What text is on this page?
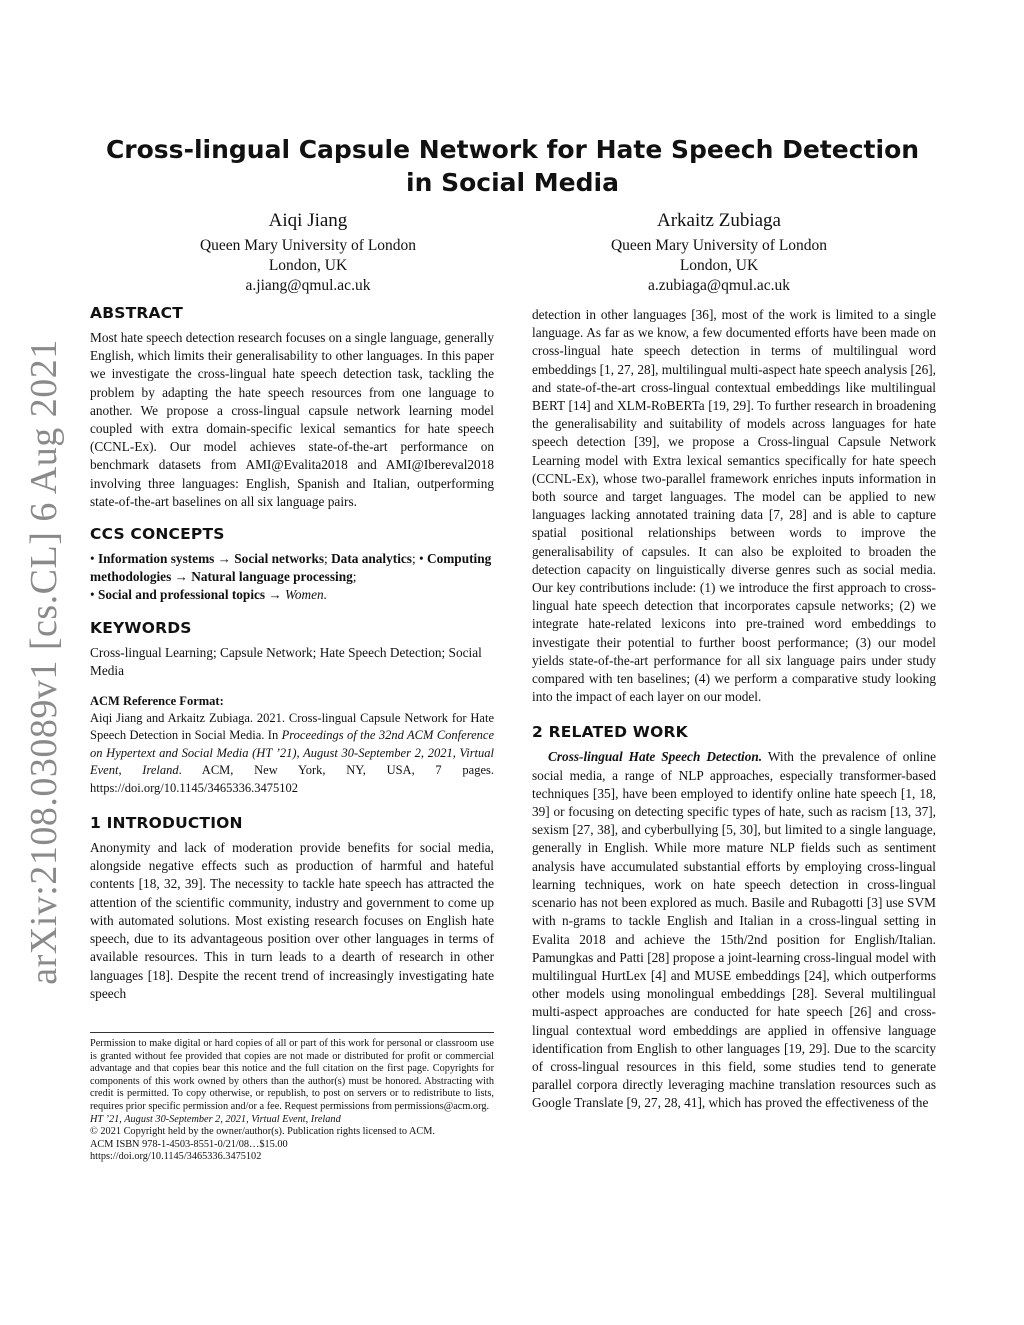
arXiv:2108.03089v1 [cs.CL] 6 Aug 2021
Cross-lingual Capsule Network for Hate Speech Detection in Social Media
Aiqi Jiang
Queen Mary University of London
London, UK
a.jiang@qmul.ac.uk
Arkaitz Zubiaga
Queen Mary University of London
London, UK
a.zubiaga@qmul.ac.uk
ABSTRACT

Most hate speech detection research focuses on a single language, generally English, which limits their generalisability to other languages. In this paper we investigate the cross-lingual hate speech detection task, tackling the problem by adapting the hate speech resources from one language to another. We propose a cross-lingual capsule network learning model coupled with extra domain-specific lexical semantics for hate speech (CCNL-Ex). Our model achieves state-of-the-art performance on benchmark datasets from AMI@Evalita2018 and AMI@Ibereval2018 involving three languages: English, Spanish and Italian, outperforming state-of-the-art baselines on all six language pairs.

CCS CONCEPTS

• Information systems → Social networks; Data analytics; • Computing methodologies → Natural language processing;
• Social and professional topics → Women.

KEYWORDS

Cross-lingual Learning; Capsule Network; Hate Speech Detection; Social Media

ACM Reference Format:

Aiqi Jiang and Arkaitz Zubiaga. 2021. Cross-lingual Capsule Network for Hate Speech Detection in Social Media. In Proceedings of the 32nd ACM Conference on Hypertext and Social Media (HT ’21), August 30-September 2, 2021, Virtual Event, Ireland. ACM, New York, NY, USA, 7 pages. https://doi.org/10.1145/3465336.3475102

1 INTRODUCTION

Anonymity and lack of moderation provide benefits for social media, alongside negative effects such as production of harmful and hateful contents [18, 32, 39]. The necessity to tackle hate speech has attracted the attention of the scientific community, industry and government to come up with automated solutions. Most existing research focuses on English hate speech, due to its advantageous position over other languages in terms of available resources. This in turn leads to a dearth of research in other languages [18]. Despite the recent trend of increasingly investigating hate speech

Permission to make digital or hard copies of all or part of this work for personal or classroom use is granted without fee provided that copies are not made or distributed for profit or commercial advantage and that copies bear this notice and the full citation on the first page. Copyrights for components of this work owned by others than the author(s) must be honored. Abstracting with credit is permitted. To copy otherwise, or republish, to post on servers or to redistribute to lists, requires prior specific permission and/or a fee. Request permissions from permissions@acm.org.

HT ’21, August 30-September 2, 2021, Virtual Event, Ireland

© 2021 Copyright held by the owner/author(s). Publication rights licensed to ACM.

ACM ISBN 978-1-4503-8551-0/21/08…$15.00

https://doi.org/10.1145/3465336.3475102

detection in other languages [36], most of the work is limited to a single language. As far as we know, a few documented efforts have been made on cross-lingual hate speech detection in terms of multilingual word embeddings [1, 27, 28], multilingual multi-aspect hate speech analysis [26], and state-of-the-art cross-lingual contextual embeddings like multilingual BERT [14] and XLM-RoBERTa [19, 29]. To further research in broadening the generalisability and suitability of models across languages for hate speech detection [39], we propose a Cross-lingual Capsule Network Learning model with Extra lexical semantics specifically for hate speech (CCNL-Ex), whose two-parallel framework enriches inputs information in both source and target languages. The model can be applied to new languages lacking annotated training data [7, 28] and is able to capture spatial positional relationships between words to improve the generalisability of capsules. It can also be exploited to broaden the detection capacity on linguistically diverse genres such as social media. Our key contributions include: (1) we introduce the first approach to cross-lingual hate speech detection that incorporates capsule networks; (2) we integrate hate-related lexicons into pre-trained word embeddings to investigate their potential to further boost performance; (3) our model yields state-of-the-art performance for all six language pairs under study compared with ten baselines; (4) we perform a comparative study looking into the impact of each layer on our model.

2 RELATED WORK

Cross-lingual Hate Speech Detection. With the prevalence of online social media, a range of NLP approaches, especially transformer-based techniques [35], have been employed to identify online hate speech [1, 18, 39] or focusing on detecting specific types of hate, such as racism [13, 37], sexism [27, 38], and cyberbullying [5, 30], but limited to a single language, generally in English. While more mature NLP fields such as sentiment analysis have accumulated substantial efforts by employing cross-lingual learning techniques, work on hate speech detection in cross-lingual scenario has not been explored as much. Basile and Rubagotti [3] use SVM with n-grams to tackle English and Italian in a cross-lingual setting in Evalita 2018 and achieve the 15th/2nd position for English/Italian. Pamungkas and Patti [28] propose a joint-learning cross-lingual model with multilingual HurtLex [4] and MUSE embeddings [24], which outperforms other models using monolingual embeddings [28]. Several multilingual multi-aspect approaches are conducted for hate speech [26] and cross-lingual contextual word embeddings are applied in offensive language identification from English to other languages [19, 29]. Due to the scarcity of cross-lingual resources in this field, some studies tend to generate parallel corpora directly leveraging machine translation resources such as Google Translate [9, 27, 28, 41], which has proved the effectiveness of the
